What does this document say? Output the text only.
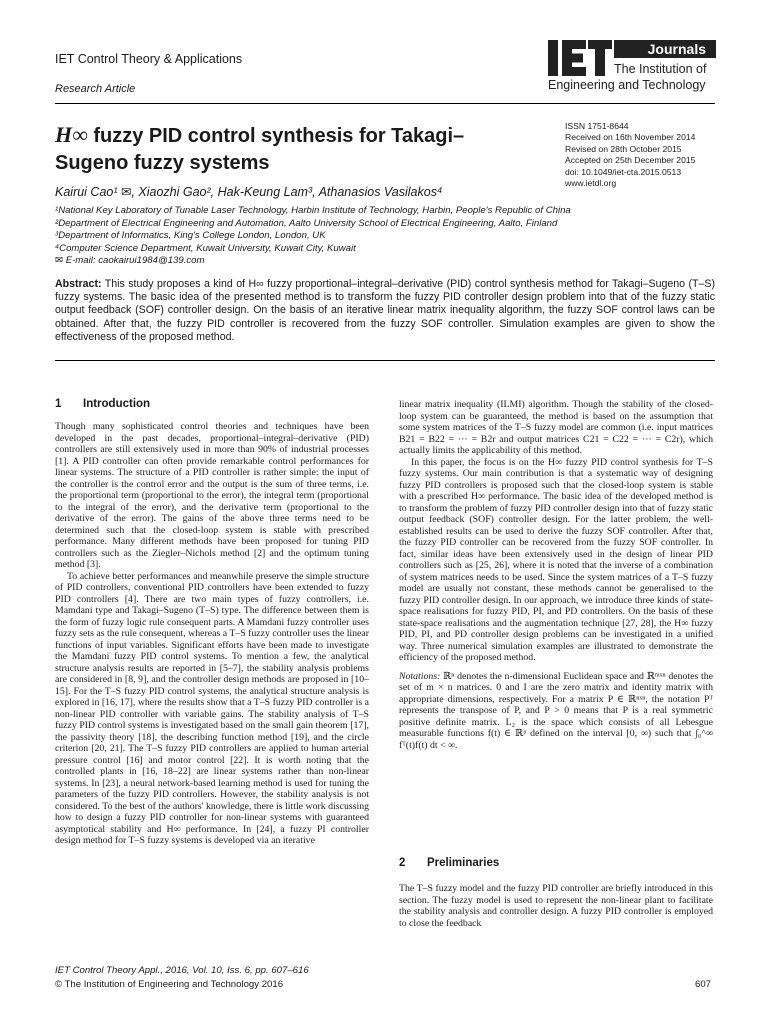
IET Control Theory & Applications
Research Article
Journals
The Institution of
Engineering and Technology
H∞ fuzzy PID control synthesis for Takagi–Sugeno fuzzy systems
ISSN 1751-8644
Received on 16th November 2014
Revised on 28th October 2015
Accepted on 25th December 2015
doi: 10.1049/iet-cta.2015.0513
www.ietdl.org
Kairui Cao¹ ✉, Xiaozhi Gao², Hak-Keung Lam³, Athanasios Vasilakos⁴
¹National Key Laboratory of Tunable Laser Technology, Harbin Institute of Technology, Harbin, People's Republic of China
²Department of Electrical Engineering and Automation, Aalto University School of Electrical Engineering, Aalto, Finland
³Department of Informatics, King's College London, London, UK
⁴Computer Science Department, Kuwait University, Kuwait City, Kuwait
✉ E-mail: caokairui1984@139.com
Abstract: This study proposes a kind of H∞ fuzzy proportional–integral–derivative (PID) control synthesis method for Takagi–Sugeno (T–S) fuzzy systems. The basic idea of the presented method is to transform the fuzzy PID controller design problem into that of the fuzzy static output feedback (SOF) controller design. On the basis of an iterative linear matrix inequality algorithm, the fuzzy SOF control laws can be obtained. After that, the fuzzy PID controller is recovered from the fuzzy SOF controller. Simulation examples are given to show the effectiveness of the proposed method.
1 Introduction

Though many sophisticated control theories and techniques have been developed in the past decades, proportional–integral–derivative (PID) controllers are still extensively used in more than 90% of industrial processes [1]. A PID controller can often provide remarkable control performances for linear systems. The structure of a PID controller is rather simple: the input of the controller is the control error and the output is the sum of three terms, i.e. the proportional term (proportional to the error), the integral term (proportional to the integral of the error), and the derivative term (proportional to the derivative of the error). The gains of the above three terms need to be determined such that the closed-loop system is stable with prescribed performance. Many different methods have been proposed for tuning PID controllers such as the Ziegler–Nichols method [2] and the optimum tuning method [3].

To achieve better performances and meanwhile preserve the simple structure of PID controllers, conventional PID controllers have been extended to fuzzy PID controllers [4]. There are two main types of fuzzy controllers, i.e. Mamdani type and Takagi–Sugeno (T–S) type. The difference between them is the form of fuzzy logic rule consequent parts. A Mamdani fuzzy controller uses fuzzy sets as the rule consequent, whereas a T–S fuzzy controller uses the linear functions of input variables. Significant efforts have been made to investigate the Mamdani fuzzy PID control systems. To mention a few, the analytical structure analysis results are reported in [5–7], the stability analysis problems are considered in [8, 9], and the controller design methods are proposed in [10–15]. For the T–S fuzzy PID control systems, the analytical structure analysis is explored in [16, 17], where the results show that a T–S fuzzy PID controller is a non-linear PID controller with variable gains. The stability analysis of T–S fuzzy PID control systems is investigated based on the small gain theorem [17], the passivity theory [18], the describing function method [19], and the circle criterion [20, 21]. The T–S fuzzy PID controllers are applied to human arterial pressure control [16] and motor control [22]. It is worth noting that the controlled plants in [16, 18–22] are linear systems rather than non-linear systems. In [23], a neural network-based learning method is used for tuning the parameters of the fuzzy PID controllers. However, the stability analysis is not considered. To the best of the authors' knowledge, there is little work discussing how to design a fuzzy PID controller for non-linear systems with guaranteed asymptotical stability and H∞ performance. In [24], a fuzzy PI controller design method for T–S fuzzy systems is developed via an iterative

linear matrix inequality (ILMI) algorithm. Though the stability of the closed-loop system can be guaranteed, the method is based on the assumption that some system matrices of the T–S fuzzy model are common (i.e. input matrices B21 = B22 = ··· = B2r and output matrices C21 = C22 = ··· = C2r), which actually limits the applicability of this method.

In this paper, the focus is on the H∞ fuzzy PID control synthesis for T–S fuzzy systems. Our main contribution is that a systematic way of designing fuzzy PID controllers is proposed such that the closed-loop system is stable with a prescribed H∞ performance. The basic idea of the developed method is to transform the problem of fuzzy PID controller design into that of fuzzy static output feedback (SOF) controller design. For the latter problem, the well-established results can be used to derive the fuzzy SOF controller. After that, the fuzzy PID controller can be recovered from the fuzzy SOF controller. In fact, similar ideas have been extensively used in the design of linear PID controllers such as [25, 26], where it is noted that the inverse of a combination of system matrices needs to be used. Since the system matrices of a T–S fuzzy model are usually not constant, these methods cannot be generalised to the fuzzy PID controller design. In our approach, we introduce three kinds of state-space realisations for fuzzy PID, PI, and PD controllers. On the basis of these state-space realisations and the augmentation technique [27, 28], the H∞ fuzzy PID, PI, and PD controller design problems can be investigated in a unified way. Three numerical simulation examples are illustrated to demonstrate the efficiency of the proposed method.

Notations: ℝⁿ denotes the n-dimensional Euclidean space and ℝᵐˣⁿ denotes the set of m × n matrices. 0 and I are the zero matrix and identity matrix with appropriate dimensions, respectively. For a matrix P ∈ ℝⁿˣⁿ, the notation Pᵀ represents the transpose of P, and P > 0 means that P is a real symmetric positive definite matrix. L₂ is the space which consists of all Lebesgue measurable functions f(t) ∈ ℝᵖ defined on the interval [0, ∞) such that ∫₀^∞ fᵀ(t)f(t) dt < ∞.

2 Preliminaries

The T–S fuzzy model and the fuzzy PID controller are briefly introduced in this section. The fuzzy model is used to represent the non-linear plant to facilitate the stability analysis and controller design. A fuzzy PID controller is employed to close the feedback

IET Control Theory Appl., 2016, Vol. 10, Iss. 6, pp. 607–616
© The Institution of Engineering and Technology 2016	607
